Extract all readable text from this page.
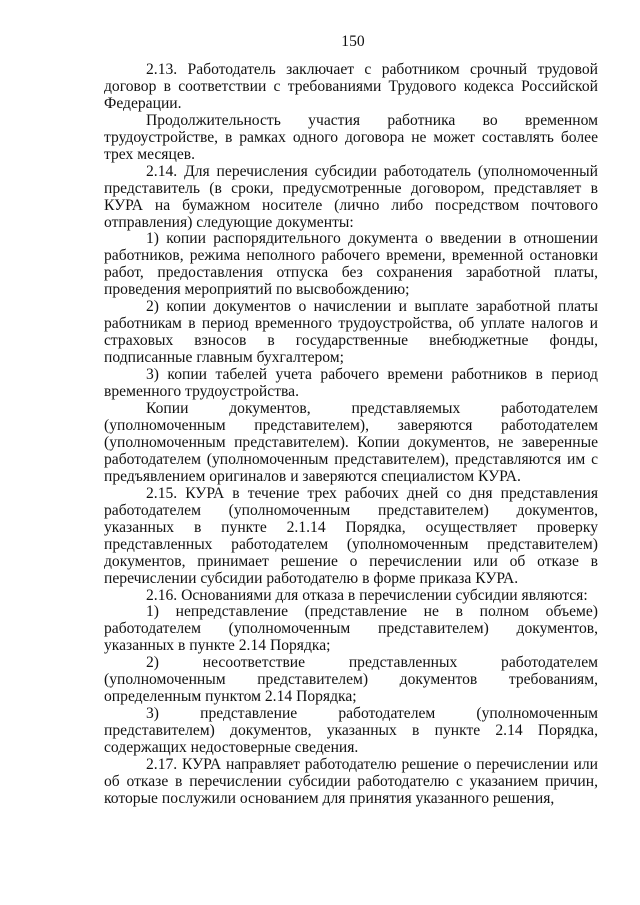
150

2.13. Работодатель заключает с работником срочный трудовой договор в соответствии с требованиями Трудового кодекса Российской Федерации.

Продолжительность участия работника во временном трудоустройстве, в рамках одного договора не может составлять более трех месяцев.

2.14. Для перечисления субсидии работодатель (уполномоченный представитель (в сроки, предусмотренные договором, представляет в КУРА на бумажном носителе (лично либо посредством почтового отправления) следующие документы:

1) копии распорядительного документа о введении в отношении работников, режима неполного рабочего времени, временной остановки работ, предоставления отпуска без сохранения заработной платы, проведения мероприятий по высвобождению;

2) копии документов о начислении и выплате заработной платы работникам в период временного трудоустройства, об уплате налогов и страховых взносов в государственные внебюджетные фонды, подписанные главным бухгалтером;

3) копии табелей учета рабочего времени работников в период временного трудоустройства.

Копии документов, представляемых работодателем (уполномоченным представителем), заверяются работодателем (уполномоченным представителем). Копии документов, не заверенные работодателем (уполномоченным представителем), представляются им с предъявлением оригиналов и заверяются специалистом КУРА.

2.15. КУРА в течение трех рабочих дней со дня представления работодателем (уполномоченным представителем) документов, указанных в пункте 2.1.14 Порядка, осуществляет проверку представленных работодателем (уполномоченным представителем) документов, принимает решение о перечислении или об отказе в перечислении субсидии работодателю в форме приказа КУРА.

2.16. Основаниями для отказа в перечислении субсидии являются:

1) непредставление (представление не в полном объеме) работодателем (уполномоченным представителем) документов, указанных в пункте 2.14 Порядка;

2) несоответствие представленных работодателем (уполномоченным представителем) документов требованиям, определенным пунктом 2.14 Порядка;

3) представление работодателем (уполномоченным представителем) документов, указанных в пункте 2.14 Порядка, содержащих недостоверные сведения.

2.17. КУРА направляет работодателю решение о перечислении или об отказе в перечислении субсидии работодателю с указанием причин, которые послужили основанием для принятия указанного решения,
